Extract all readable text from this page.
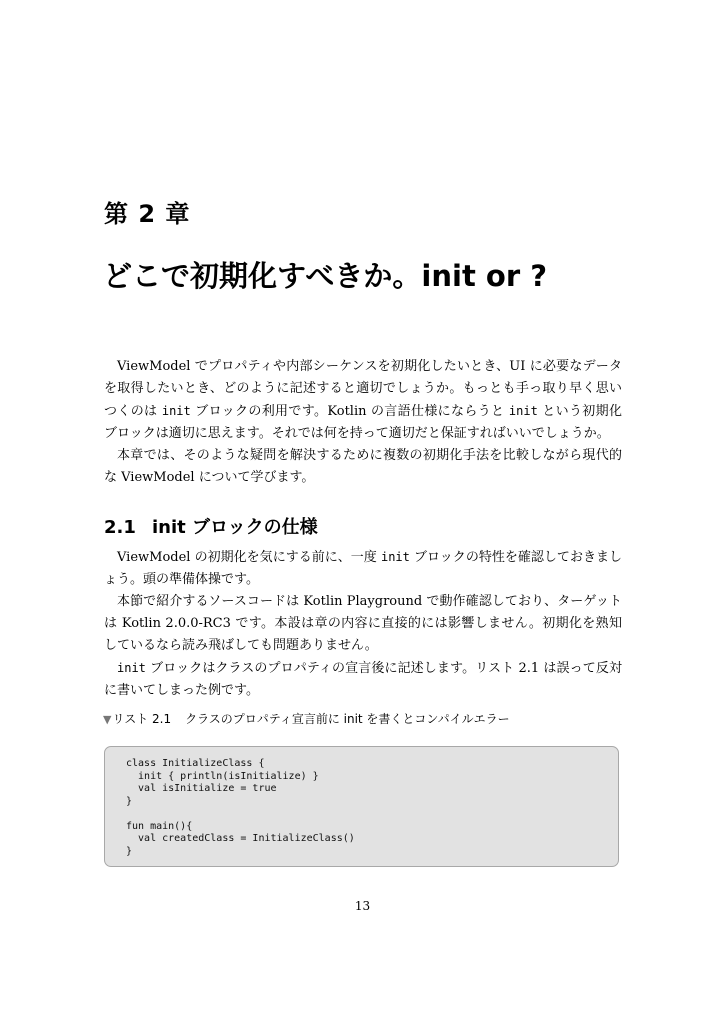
第 2 章
どこで初期化すべきか。init or ?

ViewModel でプロパティや内部シーケンスを初期化したいとき、UI に必要なデータを取得したいとき、どのように記述すると適切でしょうか。もっとも手っ取り早く思いつくのは init ブロックの利用です。Kotlin の言語仕様にならうと init という初期化ブロックは適切に思えます。それでは何を持って適切だと保証すればいいでしょうか。

本章では、そのような疑問を解決するために複数の初期化手法を比較しながら現代的な ViewModel について学びます。

2.1 init ブロックの仕様

ViewModel の初期化を気にする前に、一度 init ブロックの特性を確認しておきましょう。頭の準備体操です。

本節で紹介するソースコードは Kotlin Playground で動作確認しており、ターゲットは Kotlin 2.0.0-RC3 です。本設は章の内容に直接的には影響しません。初期化を熟知しているなら読み飛ばしても問題ありません。

init ブロックはクラスのプロパティの宣言後に記述します。リスト 2.1 は誤って反対に書いてしまった例です。

▼リスト 2.1 クラスのプロパティ宣言前に init を書くとコンパイルエラー
class InitializeClass {
init { println(isInitialize) }
val isInitialize = true
}

fun main(){
val createdClass = InitializeClass()
}
13
